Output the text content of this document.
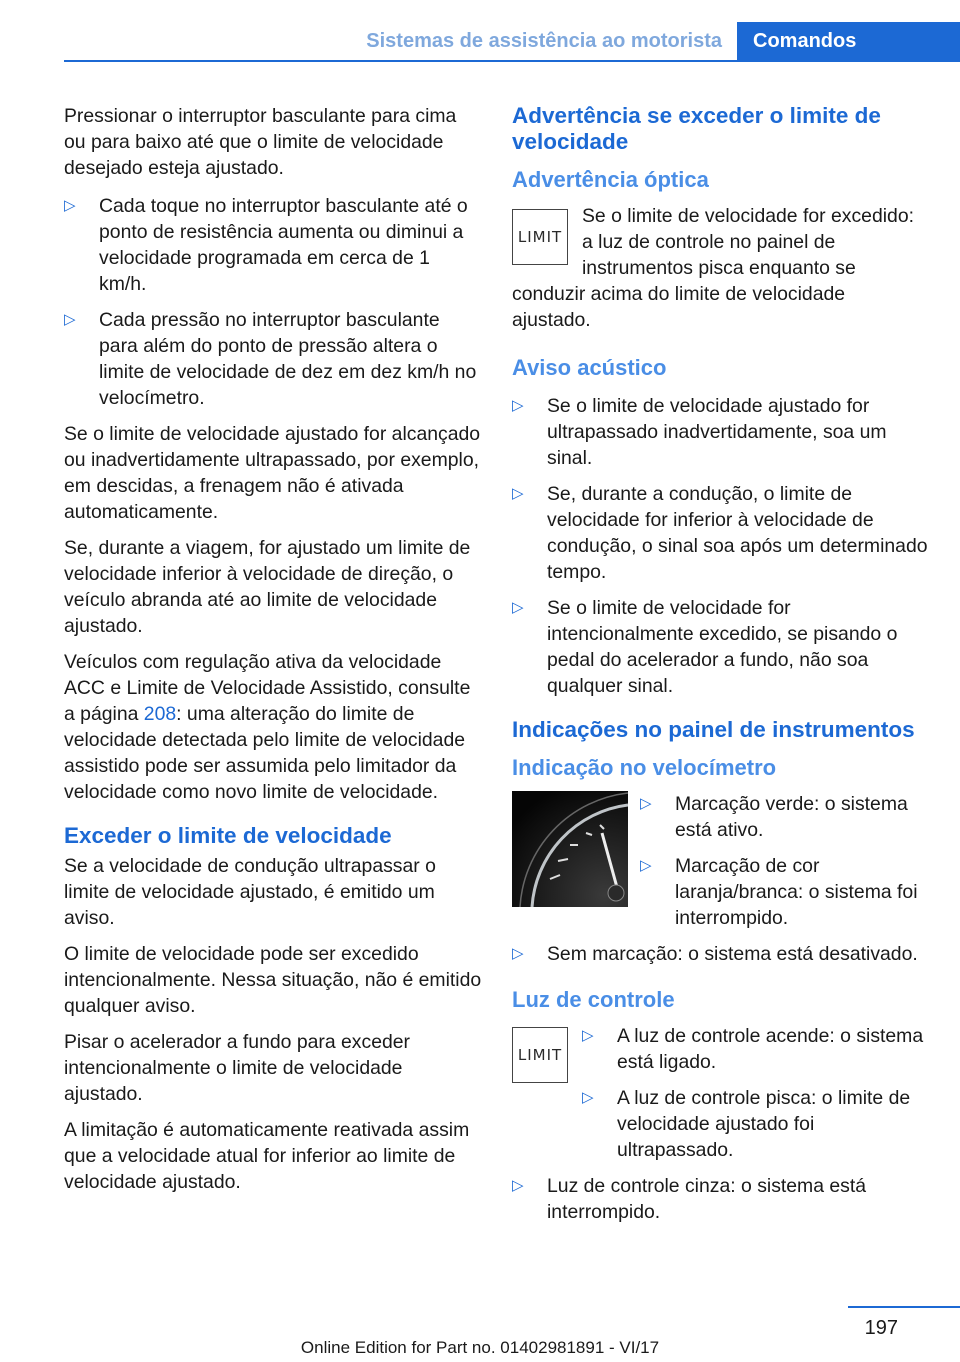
Sistemas de assistência ao motorista	Comandos

Pressionar o interruptor basculante para cima ou para baixo até que o limite de velocidade desejado esteja ajustado.

▷ Cada toque no interruptor basculante até o ponto de resistência aumenta ou diminui a velocidade programada em cerca de 1 km/h.
▷ Cada pressão no interruptor basculante para além do ponto de pressão altera o limite de velocidade de dez em dez km/h no velocímetro.

Se o limite de velocidade ajustado for alcançado ou inadvertidamente ultrapassado, por exemplo, em descidas, a frenagem não é ativada automaticamente.

Se, durante a viagem, for ajustado um limite de velocidade inferior à velocidade de direção, o veículo abranda até ao limite de velocidade ajustado.

Veículos com regulação ativa da velocidade ACC e Limite de Velocidade Assistido, consulte a página 208: uma alteração do limite de velocidade detectada pelo limite de velocidade assistido pode ser assumida pelo limitador da velocidade como novo limite de velocidade.

Exceder o limite de velocidade

Se a velocidade de condução ultrapassar o limite de velocidade ajustado, é emitido um aviso.

O limite de velocidade pode ser excedido intencionalmente. Nessa situação, não é emitido qualquer aviso.

Pisar o acelerador a fundo para exceder intencionalmente o limite de velocidade ajustado.

A limitação é automaticamente reativada assim que a velocidade atual for inferior ao limite de velocidade ajustado.

Advertência se exceder o limite de velocidade
Advertência óptica
LIMIT

Se o limite de velocidade for excedido: a luz de controle no painel de instrumentos pisca enquanto se conduzir acima do limite de velocidade ajustado.

Aviso acústico
▷ Se o limite de velocidade ajustado for ultrapassado inadvertidamente, soa um sinal.
▷ Se, durante a condução, o limite de velocidade for inferior à velocidade de condução, o sinal soa após um determinado tempo.
▷ Se o limite de velocidade for intencionalmente excedido, se pisando o pedal do acelerador a fundo, não soa qualquer sinal.
Indicações no painel de instrumentos
Indicação no velocímetro
▷ Marcação verde: o sistema está ativo.
▷ Marcação de cor laranja/branca: o sistema foi interrompido.
▷ Sem marcação: o sistema está desativado.
Luz de controle
LIMIT
▷ A luz de controle acende: o sistema está ligado.
▷ A luz de controle pisca: o limite de velocidade ajustado foi ultrapassado.
▷ Luz de controle cinza: o sistema está interrompido.
197
Online Edition for Part no. 01402981891 - VI/17
